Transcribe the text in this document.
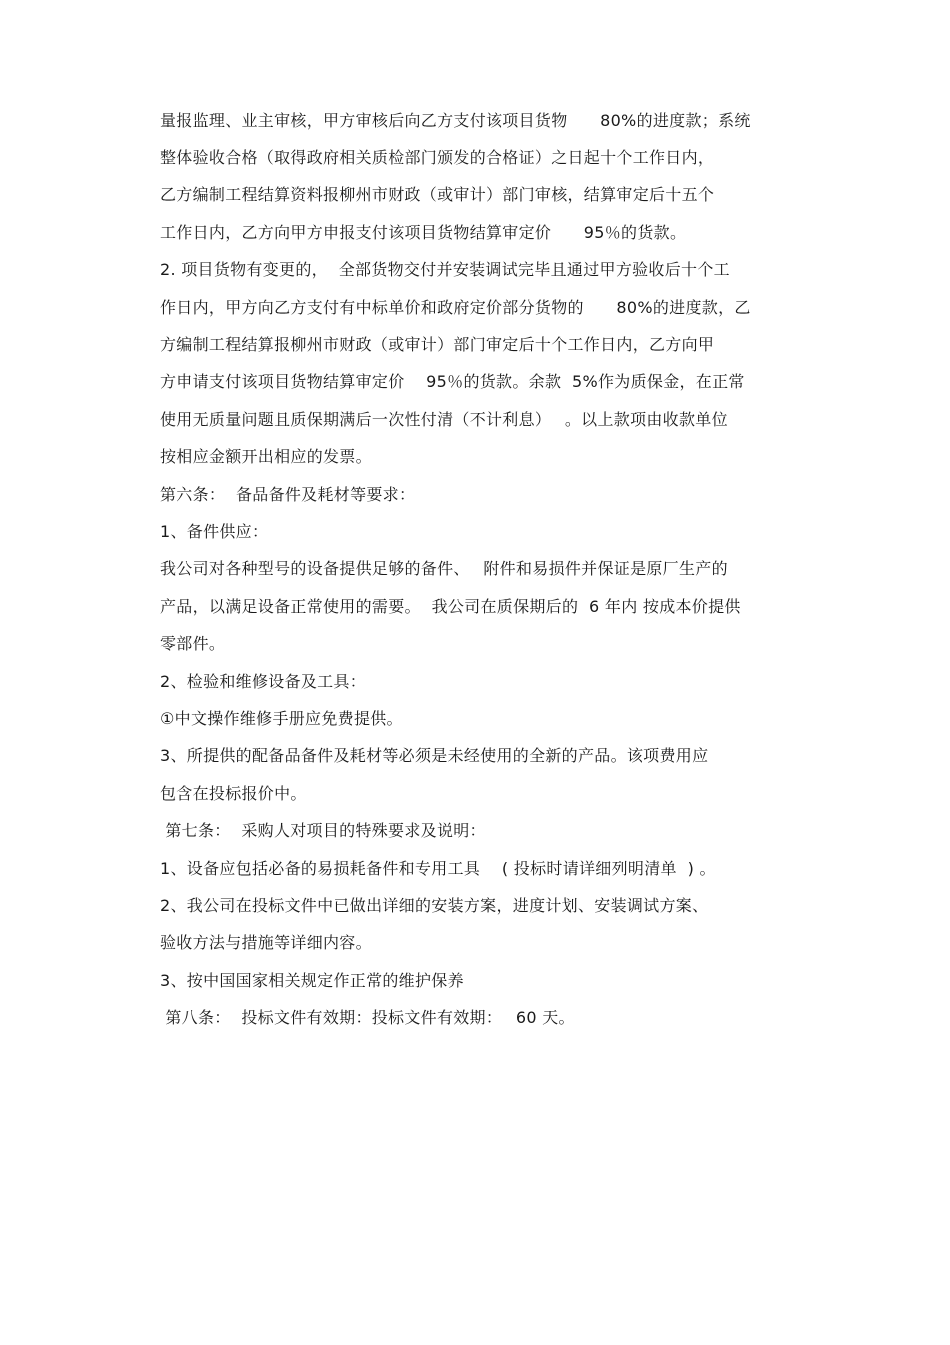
量报监理、业主审核，甲方审核后向乙方支付该项目货物　　80%的进度款；系统
整体验收合格（取得政府相关质检部门颁发的合格证）之日起十个工作日内，
乙方编制工程结算资料报柳州市财政（或审计）部门审核，结算审定后十五个
工作日内，乙方向甲方申报支付该项目货物结算审定价　　95％的货款。
2. 项目货物有变更的，  全部货物交付并安装调试完毕且通过甲方验收后十个工
作日内，甲方向乙方支付有中标单价和政府定价部分货物的　　80%的进度款，乙
方编制工程结算报柳州市财政（或审计）部门审定后十个工作日内，乙方向甲
方申请支付该项目货物结算审定价　 95％的货款。余款  5%作为质保金，在正常
使用无质量问题且质保期满后一次性付清（不计利息）　 。以上款项由收款单位
按相应金额开出相应的发票。
第六条：  备品备件及耗材等要求：
1、备件供应：
我公司对各种型号的设备提供足够的备件、　 附件和易损件并保证是原厂生产的
产品，以满足设备正常使用的需要。  我公司在质保期后的  6 年内 按成本价提供
零部件。
2、检验和维修设备及工具：
①中文操作维修手册应免费提供。
3、所提供的配备品备件及耗材等必须是未经使用的全新的产品。该项费用应
包含在投标报价中。
第七条：  采购人对项目的特殊要求及说明：
1、设备应包括必备的易损耗备件和专用工具　 ( 投标时请详细列明清单  ) 。
2、我公司在投标文件中已做出详细的安装方案，进度计划、安装调试方案、
验收方法与措施等详细内容。
3、按中国国家相关规定作正常的维护保养
第八条：  投标文件有效期：投标文件有效期：　 60 天。
